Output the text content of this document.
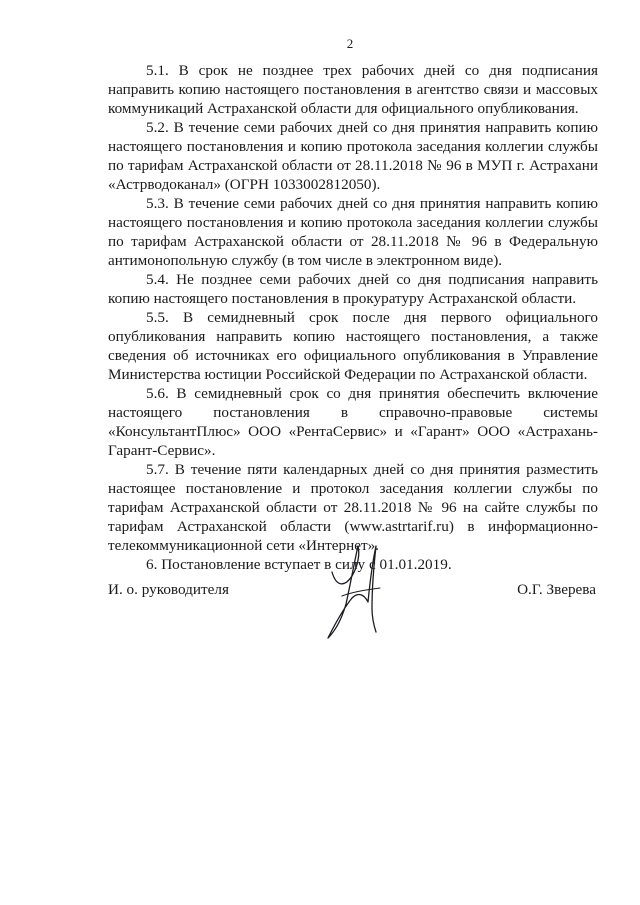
2

5.1. В срок не позднее трех рабочих дней со дня подписания направить копию настоящего постановления в агентство связи и массовых коммуникаций Астраханской области для официального опубликования.

5.2. В течение семи рабочих дней со дня принятия направить копию настоящего постановления и копию протокола заседания коллегии службы по тарифам Астраханской области от 28.11.2018 № 96 в МУП г. Астрахани «Астрводоканал» (ОГРН 1033002812050).

5.3. В течение семи рабочих дней со дня принятия направить копию настоящего постановления и копию протокола заседания коллегии службы по тарифам Астраханской области от 28.11.2018 № 96 в Федеральную антимонопольную службу (в том числе в электронном виде).

5.4. Не позднее семи рабочих дней со дня подписания направить копию настоящего постановления в прокуратуру Астраханской области.

5.5. В семидневный срок после дня первого официального опубликования направить копию настоящего постановления, а также сведения об источниках его официального опубликования в Управление Министерства юстиции Российской Федерации по Астраханской области.

5.6. В семидневный срок со дня принятия обеспечить включение настоящего постановления в справочно-правовые системы «КонсультантПлюс» ООО «РентаСервис» и «Гарант» ООО «Астрахань-Гарант-Сервис».

5.7. В течение пяти календарных дней со дня принятия разместить настоящее постановление и протокол заседания коллегии службы по тарифам Астраханской области от 28.11.2018 № 96 на сайте службы по тарифам Астраханской области (www.astrtarif.ru) в информационно-телекоммуникационной сети «Интернет».

6. Постановление вступает в силу с 01.01.2019.

И. о. руководителя	О.Г. Зверева
